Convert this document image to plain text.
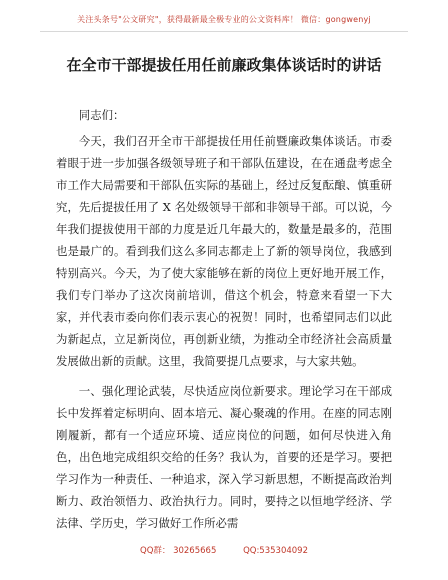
关注头条号"公文研究"，获得最新最全极专业的公文资料库！ 微信：gongwenyj
在全市干部提拔任用任前廉政集体谈话时的讲话

同志们：

今天，我们召开全市干部提拔任用任前暨廉政集体谈话。市委着眼于进一步加强各级领导班子和干部队伍建设，在在通盘考虑全市工作大局需要和干部队伍实际的基础上，经过反复酝酿、慎重研究，先后提拔任用了 X 名处级领导干部和非领导干部。可以说，今年我们提拔使用干部的力度是近几年最大的，数量是最多的，范围也是最广的。看到我们这么多同志都走上了新的领导岗位，我感到特别高兴。今天，为了使大家能够在新的岗位上更好地开展工作，我们专门举办了这次岗前培训，借这个机会，特意来看望一下大家，并代表市委向你们表示衷心的祝贺！同时，也希望同志们以此为新起点，立足新岗位，再创新业绩，为推动全市经济社会高质量发展做出新的贡献。这里，我简要提几点要求，与大家共勉。

一、强化理论武装，尽快适应岗位新要求。理论学习在干部成长中发挥着定标明向、固本培元、凝心聚魂的作用。在座的同志刚刚履新，都有一个适应环境、适应岗位的问题，如何尽快进入角色，出色地完成组织交给的任务？我认为，首要的还是学习。要把学习作为一种责任、一种追求，深入学习新思想，不断提高政治判断力、政治领悟力、政治执行力。同时，要持之以恒地学经济、学法律、学历史，学习做好工作所必需

QQ群： 30265665	QQ:535304092
